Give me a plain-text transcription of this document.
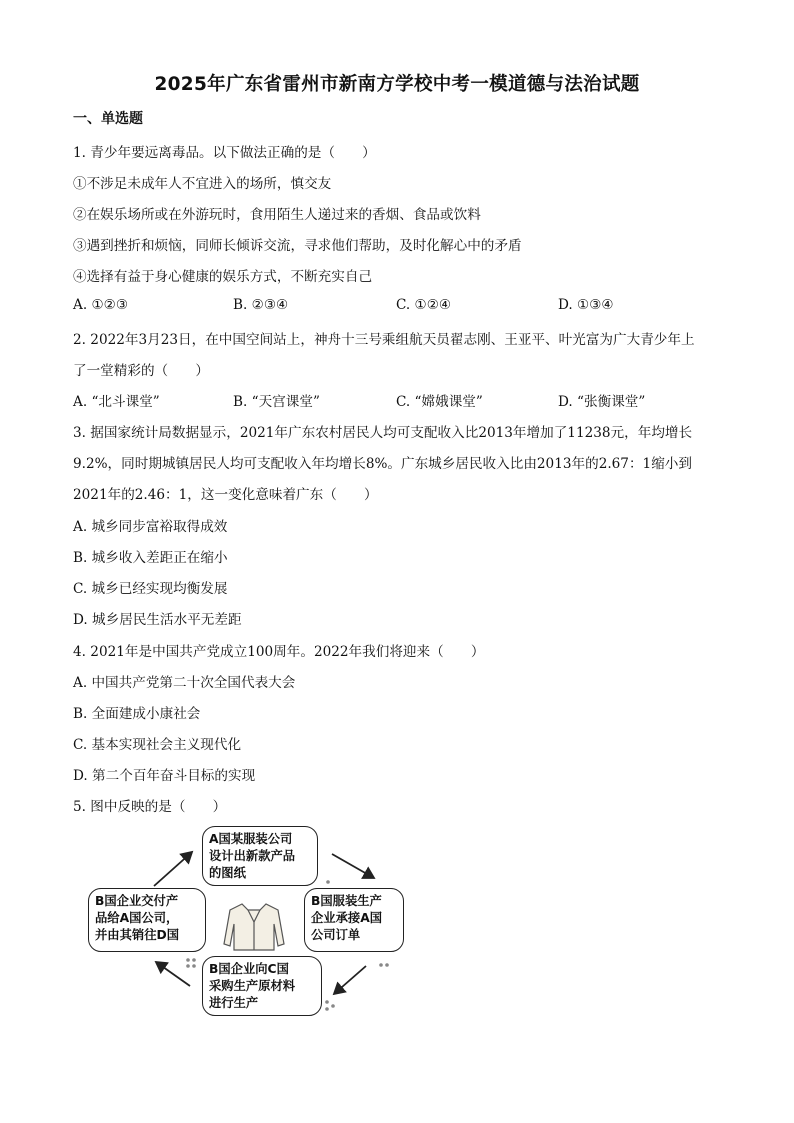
2025年广东省雷州市新南方学校中考一模道德与法治试题
一、单选题
1. 青少年要远离毒品。以下做法正确的是（　　）
①不涉足未成年人不宜进入的场所，慎交友
②在娱乐场所或在外游玩时，食用陌生人递过来的香烟、食品或饮料
③遇到挫折和烦恼，同师长倾诉交流，寻求他们帮助，及时化解心中的矛盾
④选择有益于身心健康的娱乐方式，不断充实自己
A. ①②③	B. ②③④	C. ①②④	D. ①③④
2. 2022年3月23日，在中国空间站上，神舟十三号乘组航天员翟志刚、王亚平、叶光富为广大青少年上
了一堂精彩的（　　）
A. “北斗课堂”	B. “天宫课堂”	C. “嫦娥课堂”	D. “张衡课堂”
3. 据国家统计局数据显示，2021年广东农村居民人均可支配收入比2013年增加了11238元，年均增长
9.2%，同时期城镇居民人均可支配收入年均增长8%。广东城乡居民收入比由2013年的2.67：1缩小到
2021年的2.46：1，这一变化意味着广东（　　）
A. 城乡同步富裕取得成效
B. 城乡收入差距正在缩小
C. 城乡已经实现均衡发展
D. 城乡居民生活水平无差距
4. 2021年是中国共产党成立100周年。2022年我们将迎来（　　）
A. 中国共产党第二十次全国代表大会
B. 全面建成小康社会
C. 基本实现社会主义现代化
D. 第二个百年奋斗目标的实现
5. 图中反映的是（　　）
A国某服装公司
设计出新款产品
的图纸
B国服装生产
企业承接A国
公司订单
B国企业向C国
采购生产原材料
进行生产
B国企业交付产
品给A国公司，
并由其销往D国
